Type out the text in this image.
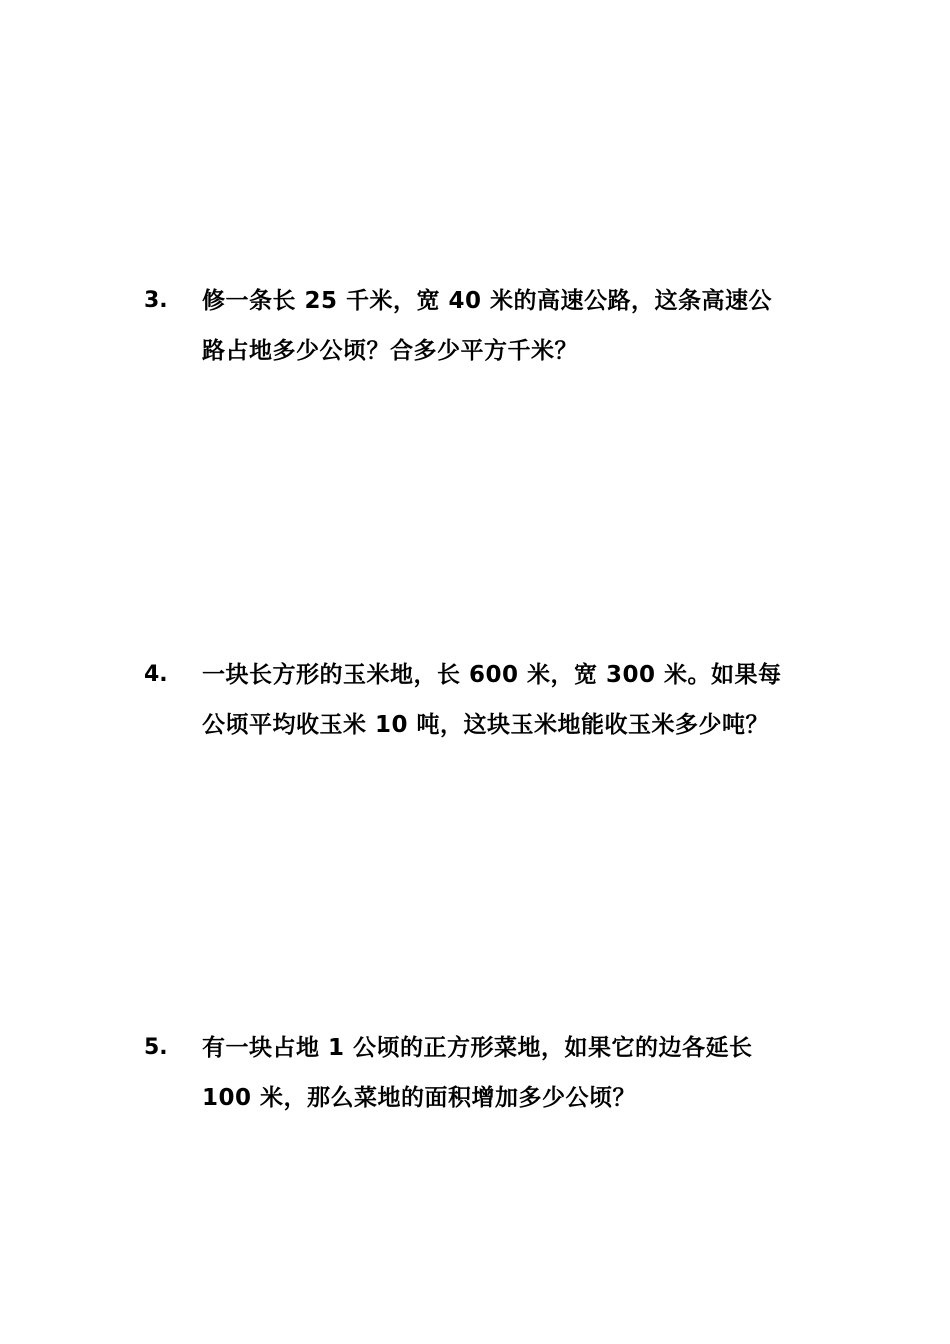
3. 修一条长 25 千米，宽 40 米的高速公路，这条高速公
路占地多少公顷？合多少平方千米？
4. 一块长方形的玉米地，长 600 米，宽 300 米。如果每
公顷平均收玉米 10 吨，这块玉米地能收玉米多少吨？
5. 有一块占地 1 公顷的正方形菜地，如果它的边各延长
100 米，那么菜地的面积增加多少公顷？
